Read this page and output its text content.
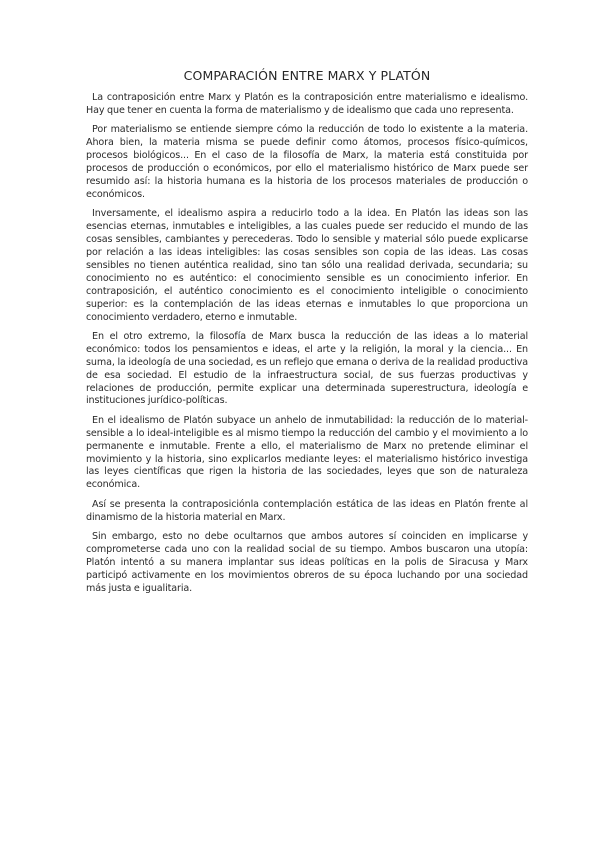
COMPARACIÓN ENTRE MARX Y PLATÓN

La contraposición entre Marx y Platón es la contraposición entre materialismo e idealismo. Hay que tener en cuenta la forma de materialismo y de idealismo que cada uno representa.

Por materialismo se entiende siempre cómo la reducción de todo lo existente a la materia. Ahora bien, la materia misma se puede definir como átomos, procesos físico-químicos, procesos biológicos... En el caso de la filosofía de Marx, la materia está constituida por procesos de producción o económicos, por ello el materialismo histórico de Marx puede ser resumido así: la historia humana es la historia de los procesos materiales de producción o económicos.

Inversamente, el idealismo aspira a reducirlo todo a la idea. En Platón las ideas son las esencias eternas, inmutables e inteligibles, a las cuales puede ser reducido el mundo de las cosas sensibles, cambiantes y perecederas. Todo lo sensible y material sólo puede explicarse por relación a las ideas inteligibles: las cosas sensibles son copia de las ideas. Las cosas sensibles no tienen auténtica realidad, sino tan sólo una realidad derivada, secundaria; su conocimiento no es auténtico: el conocimiento sensible es un conocimiento inferior. En contraposición, el auténtico conocimiento es el conocimiento inteligible o conocimiento superior: es la contemplación de las ideas eternas e inmutables lo que proporciona un conocimiento verdadero, eterno e inmutable.

En el otro extremo, la filosofía de Marx busca la reducción de las ideas a lo material económico: todos los pensamientos e ideas, el arte y la religión, la moral y la ciencia... En suma, la ideología de una sociedad, es un reflejo que emana o deriva de la realidad productiva de esa sociedad. El estudio de la infraestructura social, de sus fuerzas productivas y relaciones de producción, permite explicar una determinada superestructura, ideología e instituciones jurídico-políticas.

En el idealismo de Platón subyace un anhelo de inmutabilidad: la reducción de lo material-sensible a lo ideal-inteligible es al mismo tiempo la reducción del cambio y el movimiento a lo permanente e inmutable. Frente a ello, el materialismo de Marx no pretende eliminar el movimiento y la historia, sino explicarlos mediante leyes: el materialismo histórico investiga las leyes científicas que rigen la historia de las sociedades, leyes que son de naturaleza económica.

Así se presenta la contraposiciónla contemplación estática de las ideas en Platón frente al dinamismo de la historia material en Marx.

Sin embargo, esto no debe ocultarnos que ambos autores sí coinciden en implicarse y comprometerse cada uno con la realidad social de su tiempo. Ambos buscaron una utopía: Platón intentó a su manera implantar sus ideas políticas en la polis de Siracusa y Marx participó activamente en los movimientos obreros de su época luchando por una sociedad más justa e igualitaria.
